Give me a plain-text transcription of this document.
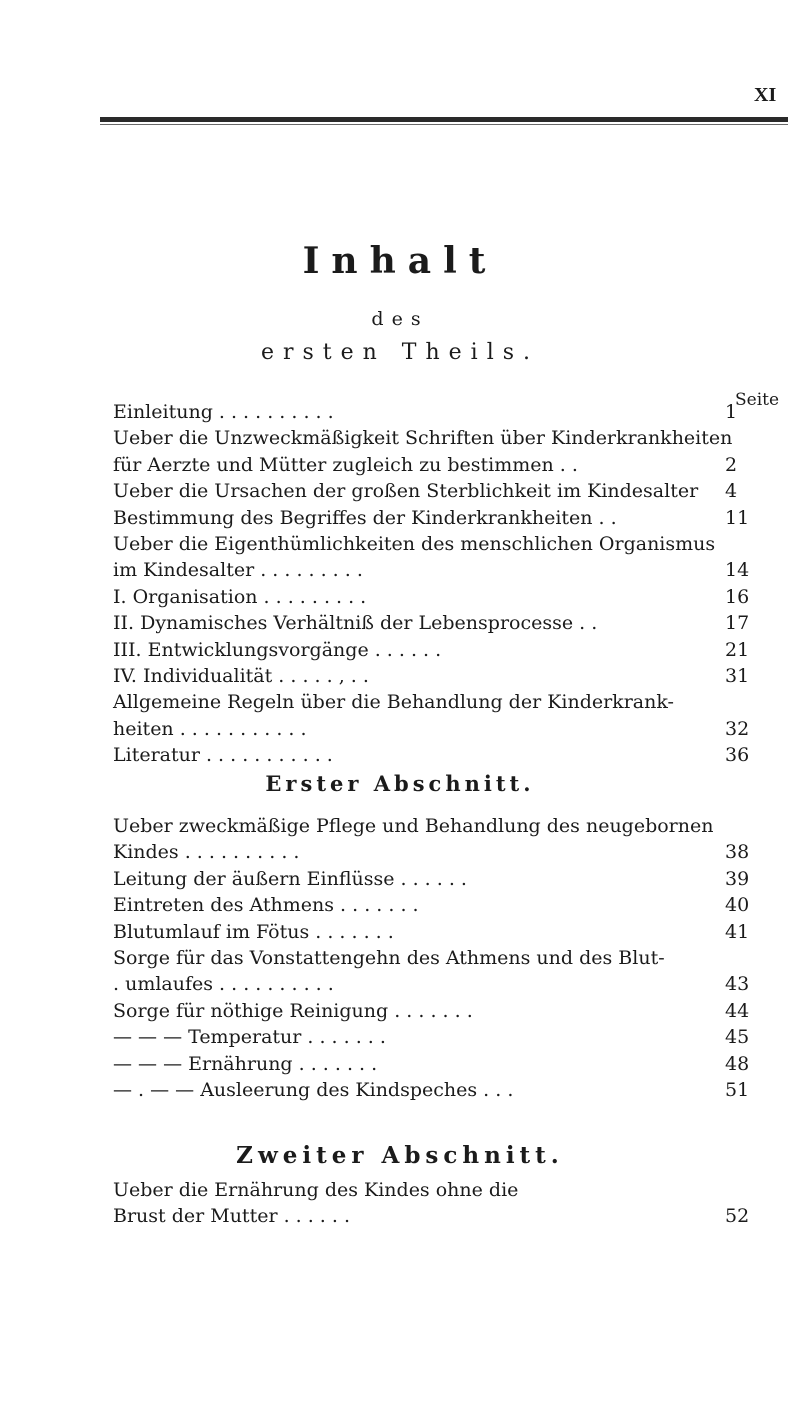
XI
Inhalt
des
ersten Theils.
Seite
Erster Abschnitt.
Zweiter Abschnitt.
Einleitung . . . . . . . . . .	1
Ueber die Unzweckmäßigkeit Schriften über Kinderkrankheiten
für Aerzte und Mütter zugleich zu bestimmen . .	2
Ueber die Ursachen der großen Sterblichkeit im Kindesalter 4
Bestimmung des Begriffes der Kinderkrankheiten . .	11
Ueber die Eigenthümlichkeiten des menschlichen Organismus
im Kindesalter . . . . . . . . .	14
I. Organisation . . . . . . . . .	16
II. Dynamisches Verhältniß der Lebensprocesse . .	17
III. Entwicklungsvorgänge . . . . . .	21
IV. Individualität . . . . . , . .	31
Allgemeine Regeln über die Behandlung der Kinderkrank-
heiten . . . . . . . . . . .	32
Literatur . . . . . . . . . . .	36
Ueber zweckmäßige Pflege und Behandlung des neugebornen
Kindes . . . . . . . . . .	38
Leitung der äußern Einflüsse . . . . . .	39
Eintreten des Athmens . . . . . . .	40
Blutumlauf im Fötus . . . . . . .	41
Sorge für das Vonstattengehn des Athmens und des Blut-
. umlaufes . . . . . . . . . .	43
Sorge für nöthige Reinigung . . . . . . .	44
— — — Temperatur . . . . . . .	45
— — — Ernährung . . . . . . .	48
— . — — Ausleerung des Kindspeches . . .	51
Ueber die Ernährung des Kindes ohne die
Brust der Mutter . . . . . .	52
